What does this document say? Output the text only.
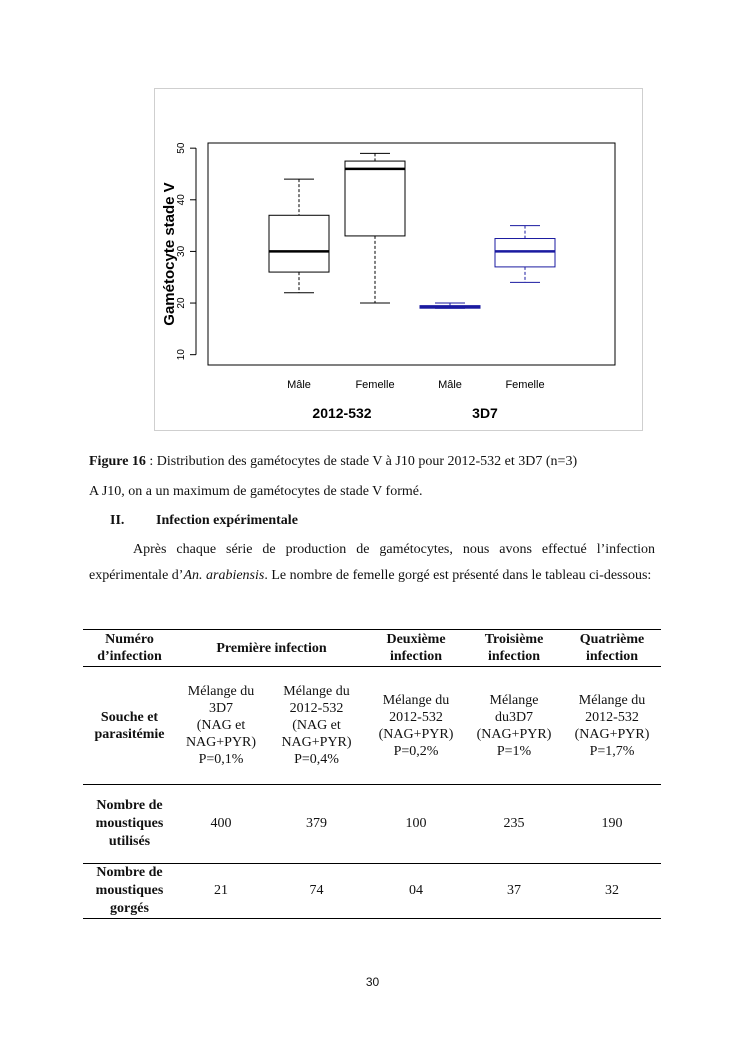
Gamétocyte stade V
2012-532	3D7
10
20
30
40
50
Mâle	Femelle	Mâle	Femelle
Figure 16 : Distribution des gamétocytes de stade V à J10 pour 2012-532 et 3D7 (n=3)
A J10, on a un maximum de gamétocytes de stade V formé.
II. Infection expérimentale
Après chaque série de production de gamétocytes, nous avons effectué l’infection expérimentale d’An. arabiensis. Le nombre de femelle gorgé est présenté dans le tableau ci-dessous:
Numéro d’infection	Première infection		Deuxième infection	Troisième infection	Quatrième infection
Souche et parasitémie	Mélange du
3D7
(NAG et
NAG+PYR)
P=0,1%	Mélange du
2012-532
(NAG et
NAG+PYR)
P=0,4%	Mélange du
2012-532
(NAG+PYR)
P=0,2%	Mélange
du3D7
(NAG+PYR)
P=1%	Mélange du
2012-532
(NAG+PYR)
P=1,7%
Nombre de moustiques utilisés	400	379	100	235	190
Nombre de moustiques gorgés	21	74	04	37	32
30
